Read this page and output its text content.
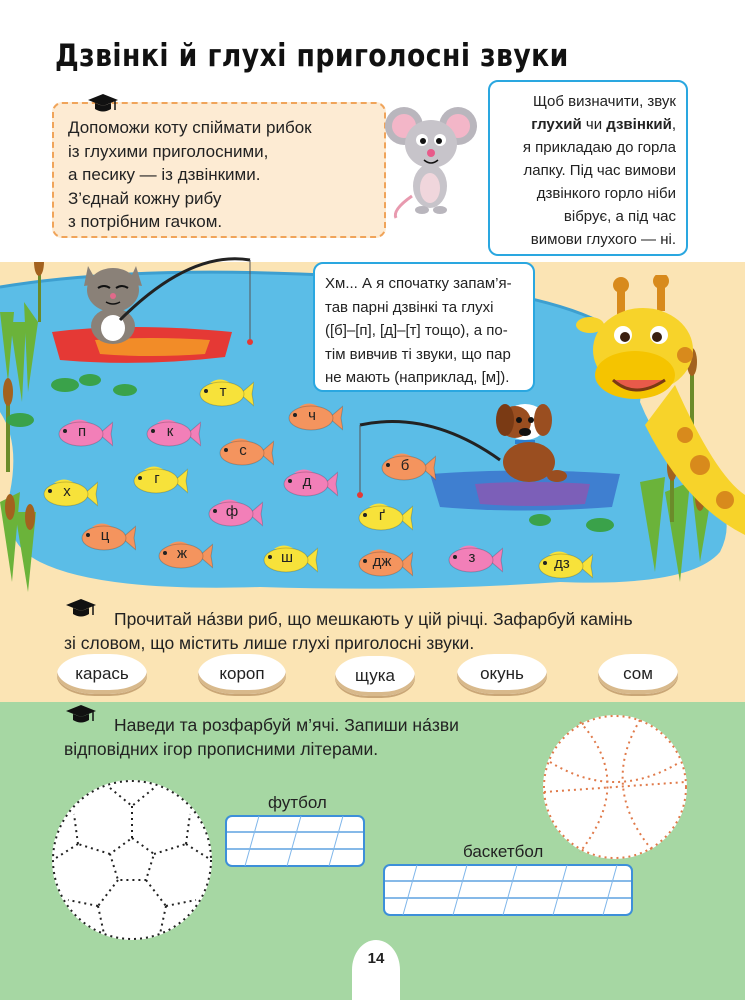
Дзвінкі й глухі приголосні звуки
Допоможи коту спіймати рибок
із глухими приголосними,
а песику — із дзвінкими.
З’єднай кожну рибу
з потрібним гачком.
Щоб визначити, звук
глухий чи дзвінкий,
я прикладаю до горла
лапку. Під час вимови
дзвінкого горло ніби
вібрує, а під час
вимови глухого — ні.
Хм... А я спочатку запам’я-
тав парні дзвінкі та глухі
([б]–[п], [д]–[т] тощо), а по-
тім вивчив ті звуки, що пар
не мають (наприклад, [м]).
т
п	к
ч
с
б
х
г	д
ф	ґ
ц
ж	ш	дж	з	дз
Прочитай на́зви риб, що мешкають у цій річці. Зафарбуй камінь
зі словом, що містить лише глухі приголосні звуки.
карась	короп	щука	окунь	сом
Наведи та розфарбуй м’ячі. Запиши на́зви
відповідних ігор прописними літерами.
футбол
баскетбол
14
